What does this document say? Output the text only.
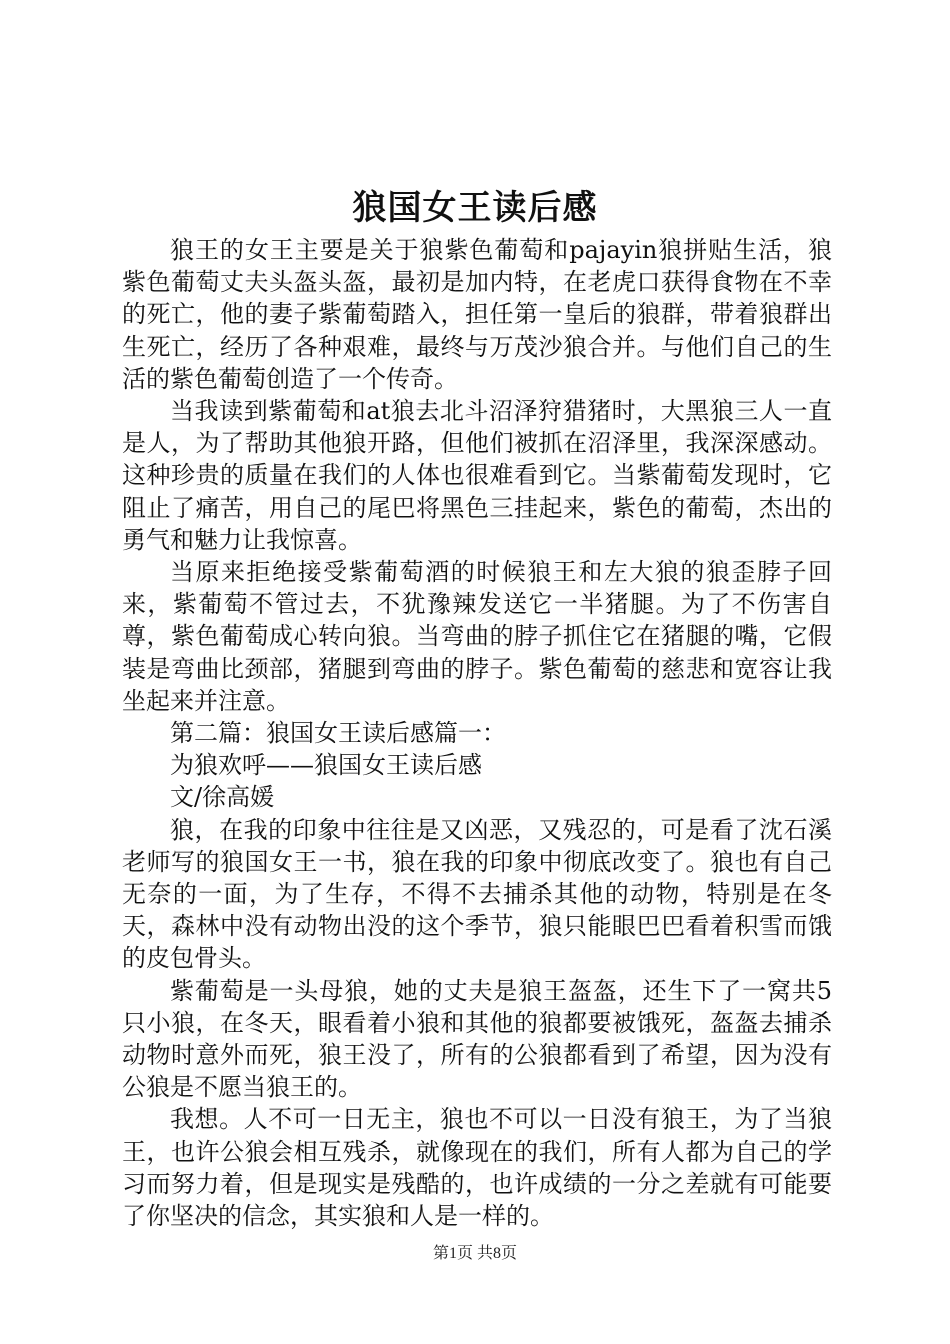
狼国女王读后感

狼王的女王主要是关于狼紫色葡萄和pajayin狼拼贴生活，狼紫色葡萄丈夫头盔头盔，最初是加内特，在老虎口获得食物在不幸的死亡，他的妻子紫葡萄踏入，担任第一皇后的狼群，带着狼群出生死亡，经历了各种艰难，最终与万茂沙狼合并。与他们自己的生活的紫色葡萄创造了一个传奇。

当我读到紫葡萄和at狼去北斗沼泽狩猎猪时，大黑狼三人一直是人，为了帮助其他狼开路，但他们被抓在沼泽里，我深深感动。这种珍贵的质量在我们的人体也很难看到它。当紫葡萄发现时，它阻止了痛苦，用自己的尾巴将黑色三挂起来，紫色的葡萄，杰出的勇气和魅力让我惊喜。

当原来拒绝接受紫葡萄酒的时候狼王和左大狼的狼歪脖子回来，紫葡萄不管过去，不犹豫辣发送它一半猪腿。为了不伤害自尊，紫色葡萄成心转向狼。当弯曲的脖子抓住它在猪腿的嘴，它假装是弯曲比颈部，猪腿到弯曲的脖子。紫色葡萄的慈悲和宽容让我坐起来并注意。

第二篇：狼国女王读后感篇一：

为狼欢呼——狼国女王读后感

文/徐高媛

狼，在我的印象中往往是又凶恶，又残忍的，可是看了沈石溪老师写的狼国女王一书，狼在我的印象中彻底改变了。狼也有自己无奈的一面，为了生存，不得不去捕杀其他的动物，特别是在冬天，森林中没有动物出没的这个季节，狼只能眼巴巴看着积雪而饿的皮包骨头。

紫葡萄是一头母狼，她的丈夫是狼王盔盔，还生下了一窝共5只小狼，在冬天，眼看着小狼和其他的狼都要被饿死，盔盔去捕杀动物时意外而死，狼王没了，所有的公狼都看到了希望，因为没有公狼是不愿当狼王的。

我想。人不可一日无主，狼也不可以一日没有狼王，为了当狼王，也许公狼会相互残杀，就像现在的我们，所有人都为自己的学习而努力着，但是现实是残酷的，也许成绩的一分之差就有可能要了你坚决的信念，其实狼和人是一样的。

第1页 共8页
